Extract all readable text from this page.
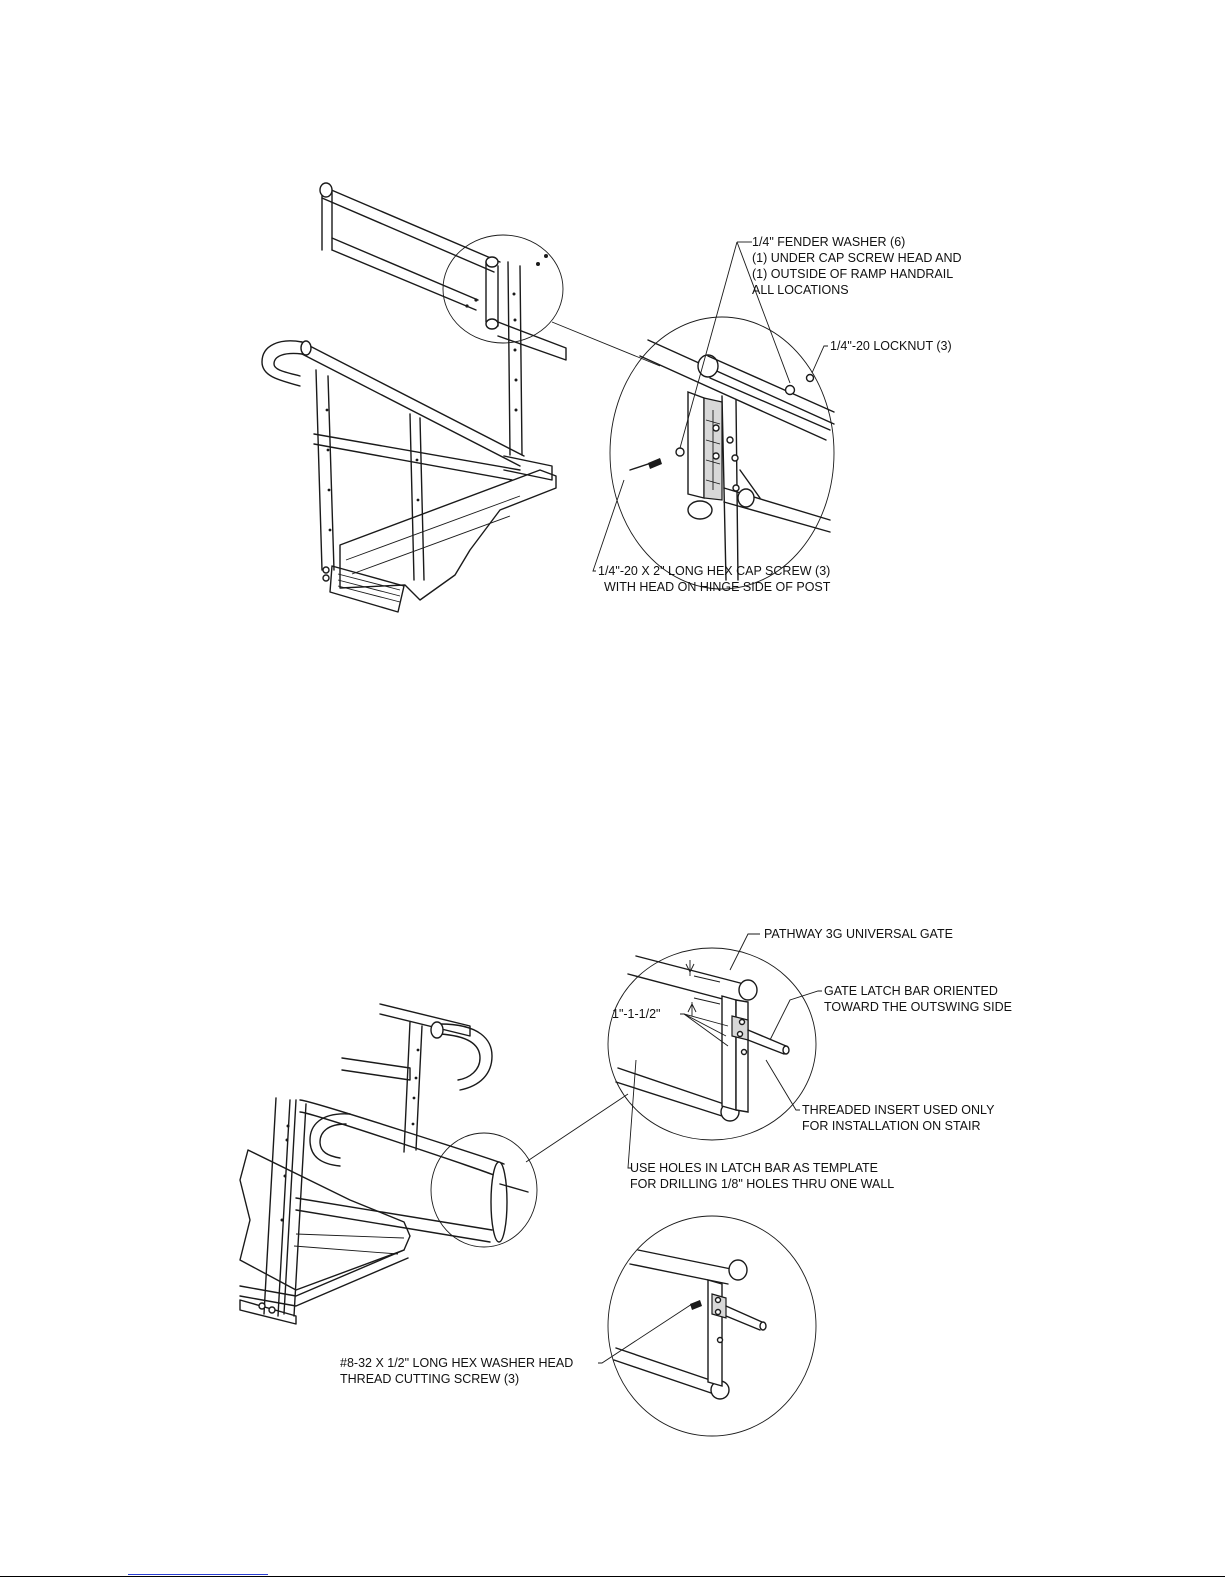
1/4" FENDER WASHER (6) (1) UNDER CAP SCREW HEAD AND (1) OUTSIDE OF RAMP HANDRAIL ALL LOCATIONS
1/4"-20 LOCKNUT (3)
1/4"-20 X 2" LONG HEX CAP SCREW (3) WITH HEAD ON HINGE SIDE OF POST
PATHWAY 3G UNIVERSAL GATE
GATE LATCH BAR ORIENTED TOWARD THE OUTSWING SIDE
1"-1-1/2"
THREADED INSERT USED ONLY FOR INSTALLATION ON STAIR
USE HOLES IN LATCH BAR AS TEMPLATE FOR DRILLING 1/8" HOLES THRU ONE WALL
#8-32 X 1/2" LONG HEX WASHER HEAD THREAD CUTTING SCREW (3)
